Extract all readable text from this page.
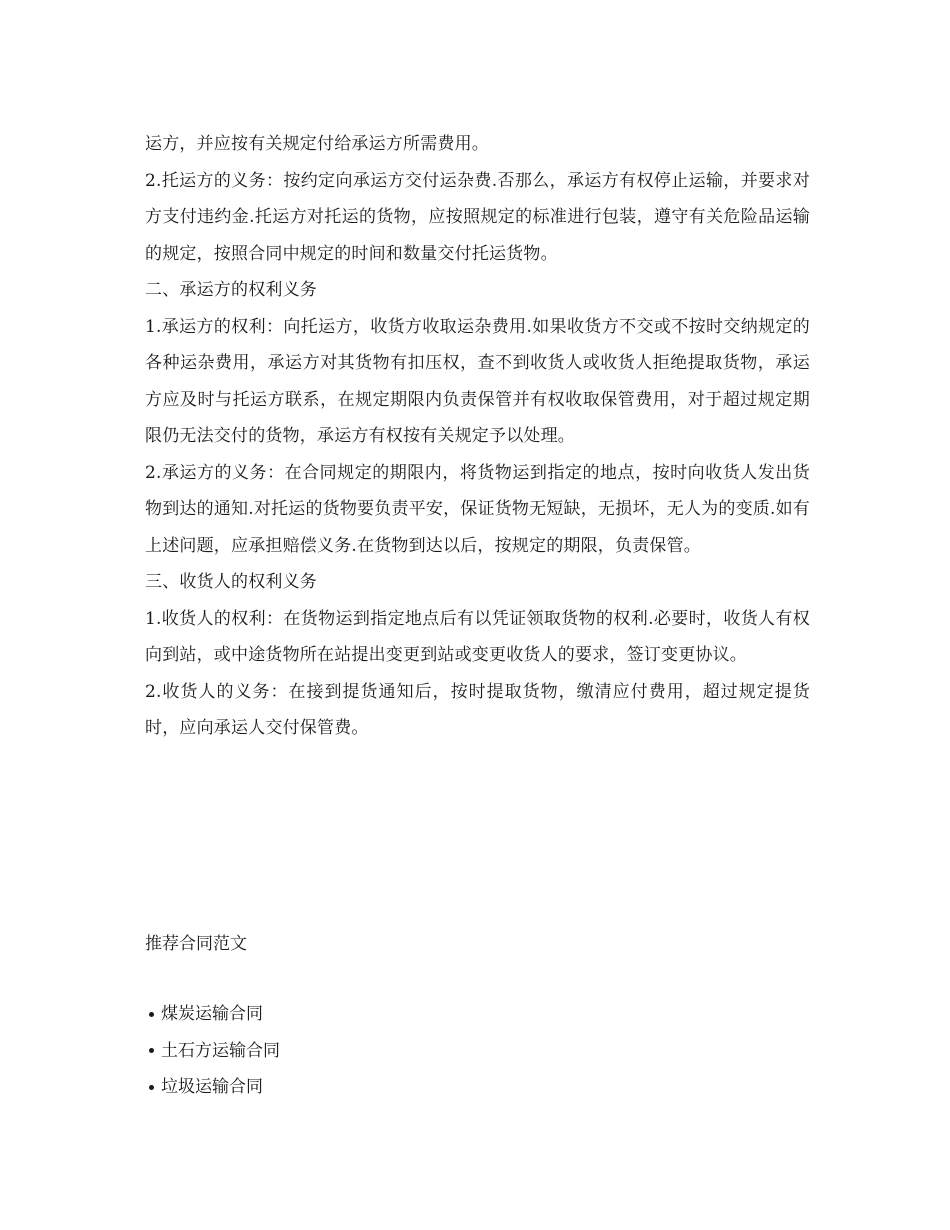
运方，并应按有关规定付给承运方所需费用。

2.托运方的义务：按约定向承运方交付运杂费.否那么，承运方有权停止运输，并要求对方支付违约金.托运方对托运的货物，应按照规定的标准进行包装，遵守有关危险品运输的规定，按照合同中规定的时间和数量交付托运货物。

二、承运方的权利义务

1.承运方的权利：向托运方，收货方收取运杂费用.如果收货方不交或不按时交纳规定的各种运杂费用，承运方对其货物有扣压权，查不到收货人或收货人拒绝提取货物，承运方应及时与托运方联系，在规定期限内负责保管并有权收取保管费用，对于超过规定期限仍无法交付的货物，承运方有权按有关规定予以处理。

2.承运方的义务：在合同规定的期限内，将货物运到指定的地点，按时向收货人发出货物到达的通知.对托运的货物要负责平安，保证货物无短缺，无损坏，无人为的变质.如有上述问题，应承担赔偿义务.在货物到达以后，按规定的期限，负责保管。

三、收货人的权利义务

1.收货人的权利：在货物运到指定地点后有以凭证领取货物的权利.必要时，收货人有权向到站，或中途货物所在站提出变更到站或变更收货人的要求，签订变更协议。

2.收货人的义务：在接到提货通知后，按时提取货物，缴清应付费用，超过规定提货时，应向承运人交付保管费。

推荐合同范文

煤炭运输合同
土石方运输合同
垃圾运输合同
